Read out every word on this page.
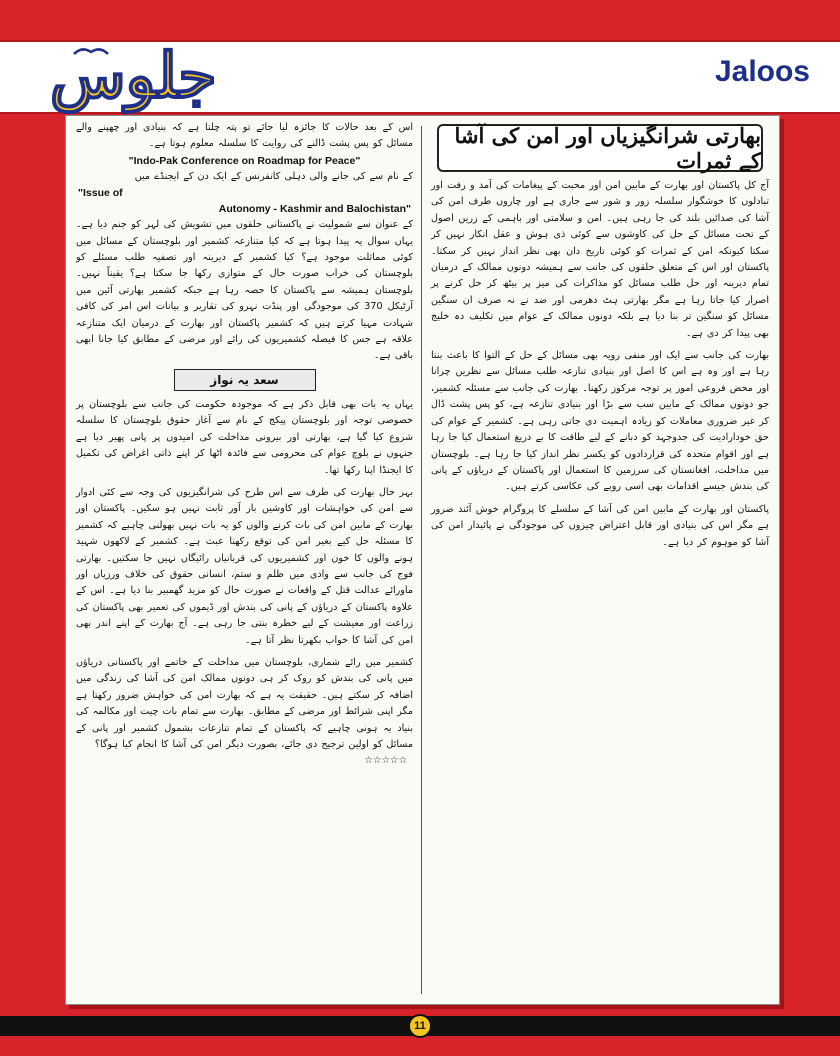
جلوس	Jaloos
بھارتی شرانگیزیاں اور امن کی آشا کے ثمرات

آج کل پاکستان اور بھارت کے مابین امن اور محبت کے پیغامات کی آمد و رفت اور تبادلوں کا خوشگوار سلسلہ زور و شور سے جاری ہے اور چاروں طرف امن کی آشا کی صدائیں بلند کی جا رہی ہیں۔ امن و سلامتی اور باہمی کے زریں اصول کے تحت مسائل کے حل کی کاوشوں سے کوئی ذی ہوش و عقل انکار نہیں کر سکتا کیونکہ امن کے ثمرات کو کوئی تاریخ دان بھی نظر انداز نہیں کر سکتا۔ پاکستان اور اس کے متعلق حلقوں کی جانب سے ہمیشہ دونوں ممالک کے درمیان تمام دیرینہ اور حل طلب مسائل کو مذاکرات کی میز پر بیٹھ کر حل کرنے پر اصرار کیا جاتا رہا ہے مگر بھارتی ہٹ دھرمی اور ضد نے نہ صرف ان سنگین مسائل کو سنگین تر بنا دیا ہے بلکہ دونوں ممالک کے عوام میں تکلیف دہ خلیج بھی پیدا کر دی ہے۔

بھارت کی جانب سے ایک اور منفی رویہ بھی مسائل کے حل کے التوا کا باعث بنتا رہا ہے اور وہ ہے اس کا اصل اور بنیادی تنازعہ طلب مسائل سے نظریں چرانا اور محض فروعی امور پر توجہ مرکوز رکھنا۔ بھارت کی جانب سے مسئلہ کشمیر، جو دونوں ممالک کے مابین سب سے بڑا اور بنیادی تنازعہ ہے، کو پس پشت ڈال کر غیر ضروری معاملات کو زیادہ اہمیت دی جاتی رہی ہے۔ کشمیر کے عوام کی حق خودارادیت کی جدوجہد کو دبانے کے لیے طاقت کا بے دریغ استعمال کیا جا رہا ہے اور اقوام متحدہ کی قراردادوں کو یکسر نظر انداز کیا جا رہا ہے۔ بلوچستان میں مداخلت، افغانستان کی سرزمین کا استعمال اور پاکستان کے دریاؤں کے پانی کی بندش جیسے اقدامات بھی اسی رویے کی عکاسی کرتے ہیں۔

پاکستان اور بھارت کے مابین امن کی آشا کے سلسلے کا پروگرام خوش آئند ضرور ہے مگر اس کی بنیادی اور قابل اعتراض چیزوں کی موجودگی نے پائیدار امن کی آشا کو موہوم کر دیا ہے۔

اس کے بعد حالات کا جائزہ لیا جائے تو پتہ چلتا ہے کہ بنیادی اور چھپنے والے مسائل کو پس پشت ڈالنے کی روایت کا سلسلہ معلوم ہوتا ہے۔

"Indo-Pak Conference on Roadmap for Peace"

کے نام سے کی جانے والی دہلی کانفرنس کے ایک دن کے ایجنڈے میں

"Issue of
Autonomy - Kashmir and Balochistan"

کے عنوان سے شمولیت نے پاکستانی حلقوں میں تشویش کی لہر کو جنم دیا ہے۔ یہاں سوال یہ پیدا ہوتا ہے کہ کیا متنازعہ کشمیر اور بلوچستان کے مسائل میں کوئی مماثلت موجود ہے؟ کیا کشمیر کے دیرینہ اور تصفیہ طلب مسئلے کو بلوچستان کی خراب صورت حال کے متوازی رکھا جا سکتا ہے؟ یقیناً نہیں۔ بلوچستان ہمیشہ سے پاکستان کا حصہ رہا ہے جبکہ کشمیر بھارتی آئین میں آرٹیکل 370 کی موجودگی اور پنڈت نہرو کی تقاریر و بیانات اس امر کی کافی شہادت مہیا کرتے ہیں کہ کشمیر پاکستان اور بھارت کے درمیان ایک متنازعہ علاقہ ہے جس کا فیصلہ کشمیریوں کی رائے اور مرضی کے مطابق کیا جانا ابھی باقی ہے۔

سعد یہ نواز

یہاں یہ بات بھی قابل ذکر ہے کہ موجودہ حکومت کی جانب سے بلوچستان پر خصوصی توجہ اور بلوچستان پیکج کے نام سے آغاز حقوق بلوچستان کا سلسلہ شروع کیا گیا ہے، بھارتی اور بیرونی مداخلت کی امیدوں پر پانی پھیر دیا ہے جنہوں نے بلوچ عوام کی محرومی سے فائدہ اٹھا کر اپنے ذاتی اغراض کی تکمیل کا ایجنڈا اپنا رکھا تھا۔

بہر حال بھارت کی طرف سے اس طرح کی شرانگیزیوں کی وجہ سے کئی ادوار سے امن کی خواہشات اور کاوشیں بار آور ثابت نہیں ہو سکیں۔ پاکستان اور بھارت کے مابین امن کی بات کرنے والوں کو یہ بات نہیں بھولنی چاہیے کہ کشمیر کا مسئلہ حل کیے بغیر امن کی توقع رکھنا عبث ہے۔ کشمیر کے لاکھوں شہید ہونے والوں کا خون اور کشمیریوں کی قربانیاں رائیگاں نہیں جا سکتیں۔ بھارتی فوج کی جانب سے وادی میں ظلم و ستم، انسانی حقوق کی خلاف ورزیاں اور ماورائے عدالت قتل کے واقعات نے صورت حال کو مزید گھمبیر بنا دیا ہے۔ اس کے علاوہ پاکستان کے دریاؤں کے پانی کی بندش اور ڈیموں کی تعمیر بھی پاکستان کی زراعت اور معیشت کے لیے خطرہ بنتی جا رہی ہے۔ آج بھارت کے اپنے اندر بھی امن کی آشا کا خواب بکھرتا نظر آتا ہے۔

کشمیر میں رائے شماری، بلوچستان میں مداخلت کے خاتمے اور پاکستانی دریاؤں میں پانی کی بندش کو روک کر ہی دونوں ممالک امن کی آشا کی زندگی میں اضافہ کر سکتے ہیں۔ حقیقت یہ ہے کہ بھارت امن کی خواہش ضرور رکھتا ہے مگر اپنی شرائط اور مرضی کے مطابق۔ بھارت سے تمام بات چیت اور مکالمہ کی بنیاد یہ ہونی چاہیے کہ پاکستان کے تمام تنازعات بشمول کشمیر اور پانی کے مسائل کو اولین ترجیح دی جائے، بصورت دیگر امن کی آشا کا انجام کیا ہوگا؟

☆☆☆☆☆
11
